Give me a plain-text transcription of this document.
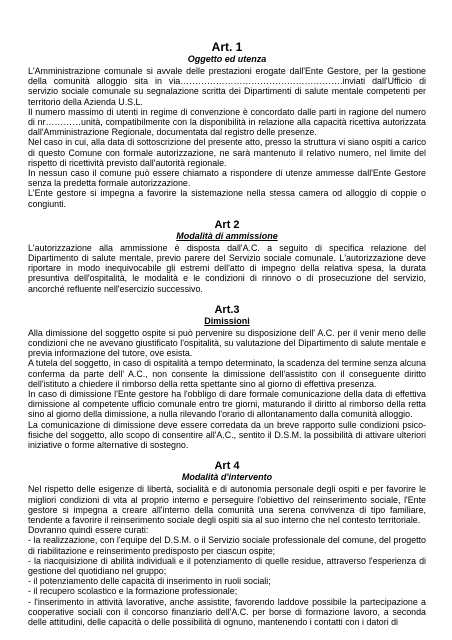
Art. 1

Oggetto ed utenza

L'Amministrazione comunale si avvale delle prestazioni erogate dall'Ente Gestore, per la gestione della comunità alloggio sita in via……………………………………………….inviati dall'Ufficio di servizio sociale comunale su segnalazione scritta dei Dipartimenti di salute mentale competenti per territorio della Azienda U.S.L.

Il numero massimo di utenti in regime di convenzione è concordato dalle parti in ragione del numero di nr…………unità, compatibilmente con la disponibilità in relazione alla capacità ricettiva autorizzata dall'Amministrazione Regionale, documentata dal registro delle presenze.

Nel caso in cui, alla data di sottoscrizione del presente atto, presso la struttura vi siano ospiti a carico di questo Comune con formale autorizzazione, ne sarà mantenuto il relativo numero, nel limite del rispetto di ricettività previsto dall'autorità regionale.

In nessun caso il comune può essere chiamato a rispondere di utenze ammesse dall'Ente Gestore senza la predetta formale autorizzazione.

L'Ente gestore si impegna a favorire la sistemazione nella stessa camera od alloggio di coppie o congiunti.

Art 2

Modalità di ammissione

L'autorizzazione alla ammissione è disposta dall'A.C. a seguito di specifica relazione del Dipartimento di salute mentale, previo parere del Servizio sociale comunale. L'autorizzazione deve riportare in modo inequivocabile gli estremi dell'atto di impegno della relativa spesa, la durata presuntiva dell'ospitalità, le modalità e le condizioni di rinnovo o di prosecuzione del servizio, ancorché refluente nell'esercizio successivo.

Art.3

Dimissioni

Alla dimissione del soggetto ospite si può pervenire su disposizione dell' A.C. per il venir meno delle condizioni che ne avevano giustificato l'ospitalità, su valutazione del Dipartimento di salute mentale e previa informazione del tutore, ove esista.

A tutela del soggetto, in caso di ospitalità a tempo determinato, la scadenza del termine senza alcuna conferma da parte dell' A.C., non consente la dimissione dell'assistito con il conseguente diritto dell'istituto a chiedere il rimborso della retta spettante sino al giorno di effettiva presenza.

In caso di dimissione l'Ente gestore ha l'obbligo di dare formale comunicazione della data di effettiva dimissione al competente ufficio comunale entro tre giorni, maturando il diritto al rimborso della retta sino al giorno della dimissione, a nulla rilevando l'orario di allontanamento dalla comunità alloggio.

La comunicazione di dimissione deve essere corredata da un breve rapporto sulle condizioni psico-fisiche del soggetto, allo scopo di consentire all'A.C., sentito il D.S.M. la possibilità di attivare ulteriori iniziative o forme alternative di sostegno.

Art 4

Modalità d'intervento

Nel rispetto delle esigenze di libertà, socialità e di autonomia personale degli ospiti e per favorire le migliori condizioni di vita al proprio interno e perseguire l'obiettivo del reinserimento sociale, l'Ente gestore si impegna a creare all'interno della comunità una serena convivenza di tipo familiare, tendente a favorire il reinserimento sociale degli ospiti sia al suo interno che nel contesto territoriale.

Dovranno quindi essere curati:

- la realizzazione, con l'equipe del D.S.M. o il Servizio sociale professionale del comune, del progetto di riabilitazione e reinserimento predisposto per ciascun ospite;

- la riacquisizione di abilità individuali e il potenziamento di quelle residue, attraverso l'esperienza di gestione del quotidiano nel gruppo;

- il potenziamento delle capacità di inserimento in ruoli sociali;

- il recupero scolastico e la formazione professionale;

- l'inserimento in attività lavorative, anche assistite, favorendo laddove possibile la partecipazione a cooperative sociali con il concorso finanziario dell'A.C. per borse di formazione lavoro, a seconda delle attitudini, delle capacità o delle possibilità di ognuno, mantenendo i contatti con i datori di
